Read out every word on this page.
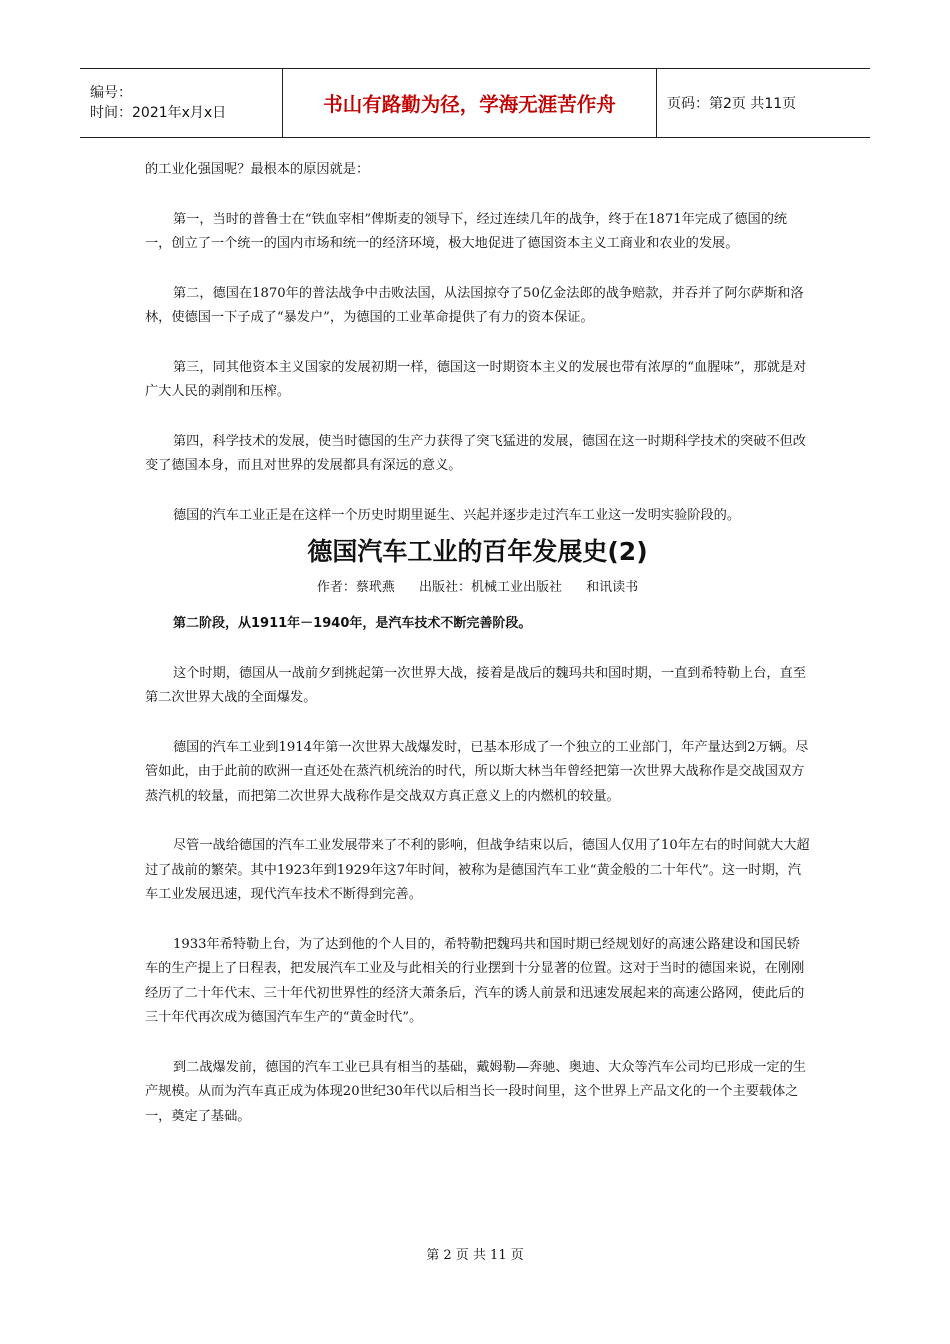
编号：
时间：2021年x月x日	书山有路勤为径，学海无涯苦作舟	页码：第2页 共11页

的工业化强国呢？最根本的原因就是：

第一，当时的普鲁士在“铁血宰相”俾斯麦的领导下，经过连续几年的战争，终于在1871年完成了德国的统一，创立了一个统一的国内市场和统一的经济环境，极大地促进了德国资本主义工商业和农业的发展。

第二，德国在1870年的普法战争中击败法国，从法国掠夺了50亿金法郎的战争赔款，并吞并了阿尔萨斯和洛林，使德国一下子成了“暴发户”，为德国的工业革命提供了有力的资本保证。

第三，同其他资本主义国家的发展初期一样，德国这一时期资本主义的发展也带有浓厚的“血腥味”，那就是对广大人民的剥削和压榨。

第四，科学技术的发展，使当时德国的生产力获得了突飞猛进的发展，德国在这一时期科学技术的突破不但改变了德国本身，而且对世界的发展都具有深远的意义。

德国的汽车工业正是在这样一个历史时期里诞生、兴起并逐步走过汽车工业这一发明实验阶段的。

德国汽车工业的百年发展史(2)
作者：蔡玳燕 出版社：机械工业出版社 和讯读书

第二阶段，从1911年－1940年，是汽车技术不断完善阶段。

这个时期，德国从一战前夕到挑起第一次世界大战，接着是战后的魏玛共和国时期，一直到希特勒上台，直至第二次世界大战的全面爆发。

德国的汽车工业到1914年第一次世界大战爆发时，已基本形成了一个独立的工业部门，年产量达到2万辆。尽管如此，由于此前的欧洲一直还处在蒸汽机统治的时代，所以斯大林当年曾经把第一次世界大战称作是交战国双方蒸汽机的较量，而把第二次世界大战称作是交战双方真正意义上的内燃机的较量。

尽管一战给德国的汽车工业发展带来了不利的影响，但战争结束以后，德国人仅用了10年左右的时间就大大超过了战前的繁荣。其中1923年到1929年这7年时间，被称为是德国汽车工业“黄金般的二十年代”。这一时期，汽车工业发展迅速，现代汽车技术不断得到完善。

1933年希特勒上台，为了达到他的个人目的，希特勒把魏玛共和国时期已经规划好的高速公路建设和国民轿车的生产提上了日程表，把发展汽车工业及与此相关的行业摆到十分显著的位置。这对于当时的德国来说，在刚刚经历了二十年代末、三十年代初世界性的经济大萧条后，汽车的诱人前景和迅速发展起来的高速公路网，使此后的三十年代再次成为德国汽车生产的“黄金时代”。

到二战爆发前，德国的汽车工业已具有相当的基础，戴姆勒—奔驰、奥迪、大众等汽车公司均已形成一定的生产规模。从而为汽车真正成为体现20世纪30年代以后相当长一段时间里，这个世界上产品文化的一个主要载体之一，奠定了基础。

第 2 页 共 11 页
